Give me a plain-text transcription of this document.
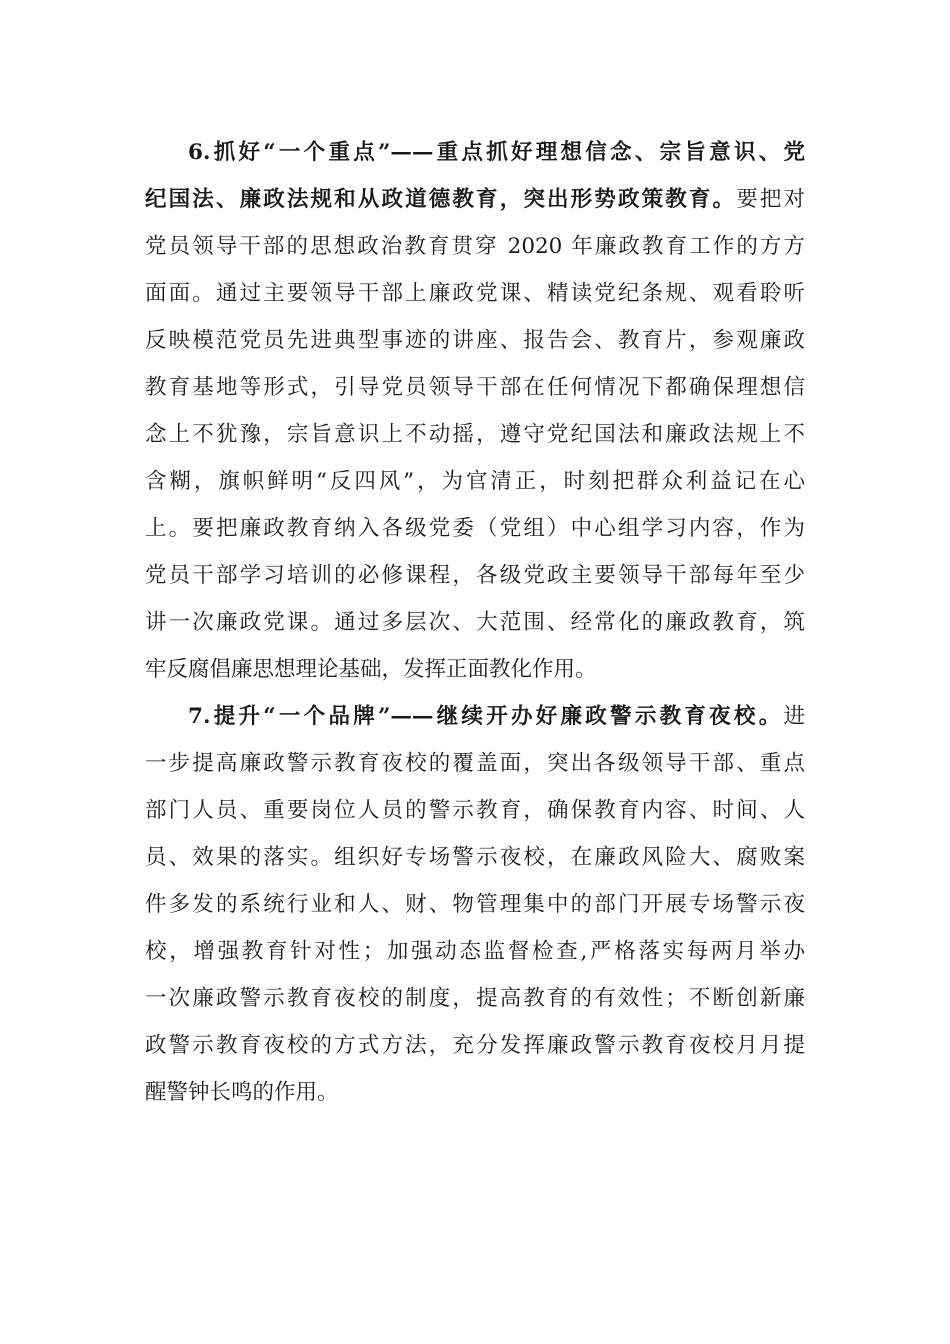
6.抓好“一个重点”——重点抓好理想信念、宗旨意识、党
纪国法、廉政法规和从政道德教育，突出形势政策教育。要把对
党员领导干部的思想政治教育贯穿 2020 年廉政教育工作的方方
面面。通过主要领导干部上廉政党课、精读党纪条规、观看聆听
反映模范党员先进典型事迹的讲座、报告会、教育片，参观廉政
教育基地等形式，引导党员领导干部在任何情况下都确保理想信
念上不犹豫，宗旨意识上不动摇，遵守党纪国法和廉政法规上不
含糊，旗帜鲜明“反四风”，为官清正，时刻把群众利益记在心
上。要把廉政教育纳入各级党委（党组）中心组学习内容，作为
党员干部学习培训的必修课程，各级党政主要领导干部每年至少
讲一次廉政党课。通过多层次、大范围、经常化的廉政教育，筑
牢反腐倡廉思想理论基础，发挥正面教化作用。
7.提升“一个品牌”——继续开办好廉政警示教育夜校。进
一步提高廉政警示教育夜校的覆盖面，突出各级领导干部、重点
部门人员、重要岗位人员的警示教育，确保教育内容、时间、人
员、效果的落实。组织好专场警示夜校，在廉政风险大、腐败案
件多发的系统行业和人、财、物管理集中的部门开展专场警示夜
校，增强教育针对性；加强动态监督检查,严格落实每两月举办
一次廉政警示教育夜校的制度，提高教育的有效性；不断创新廉
政警示教育夜校的方式方法，充分发挥廉政警示教育夜校月月提
醒警钟长鸣的作用。
